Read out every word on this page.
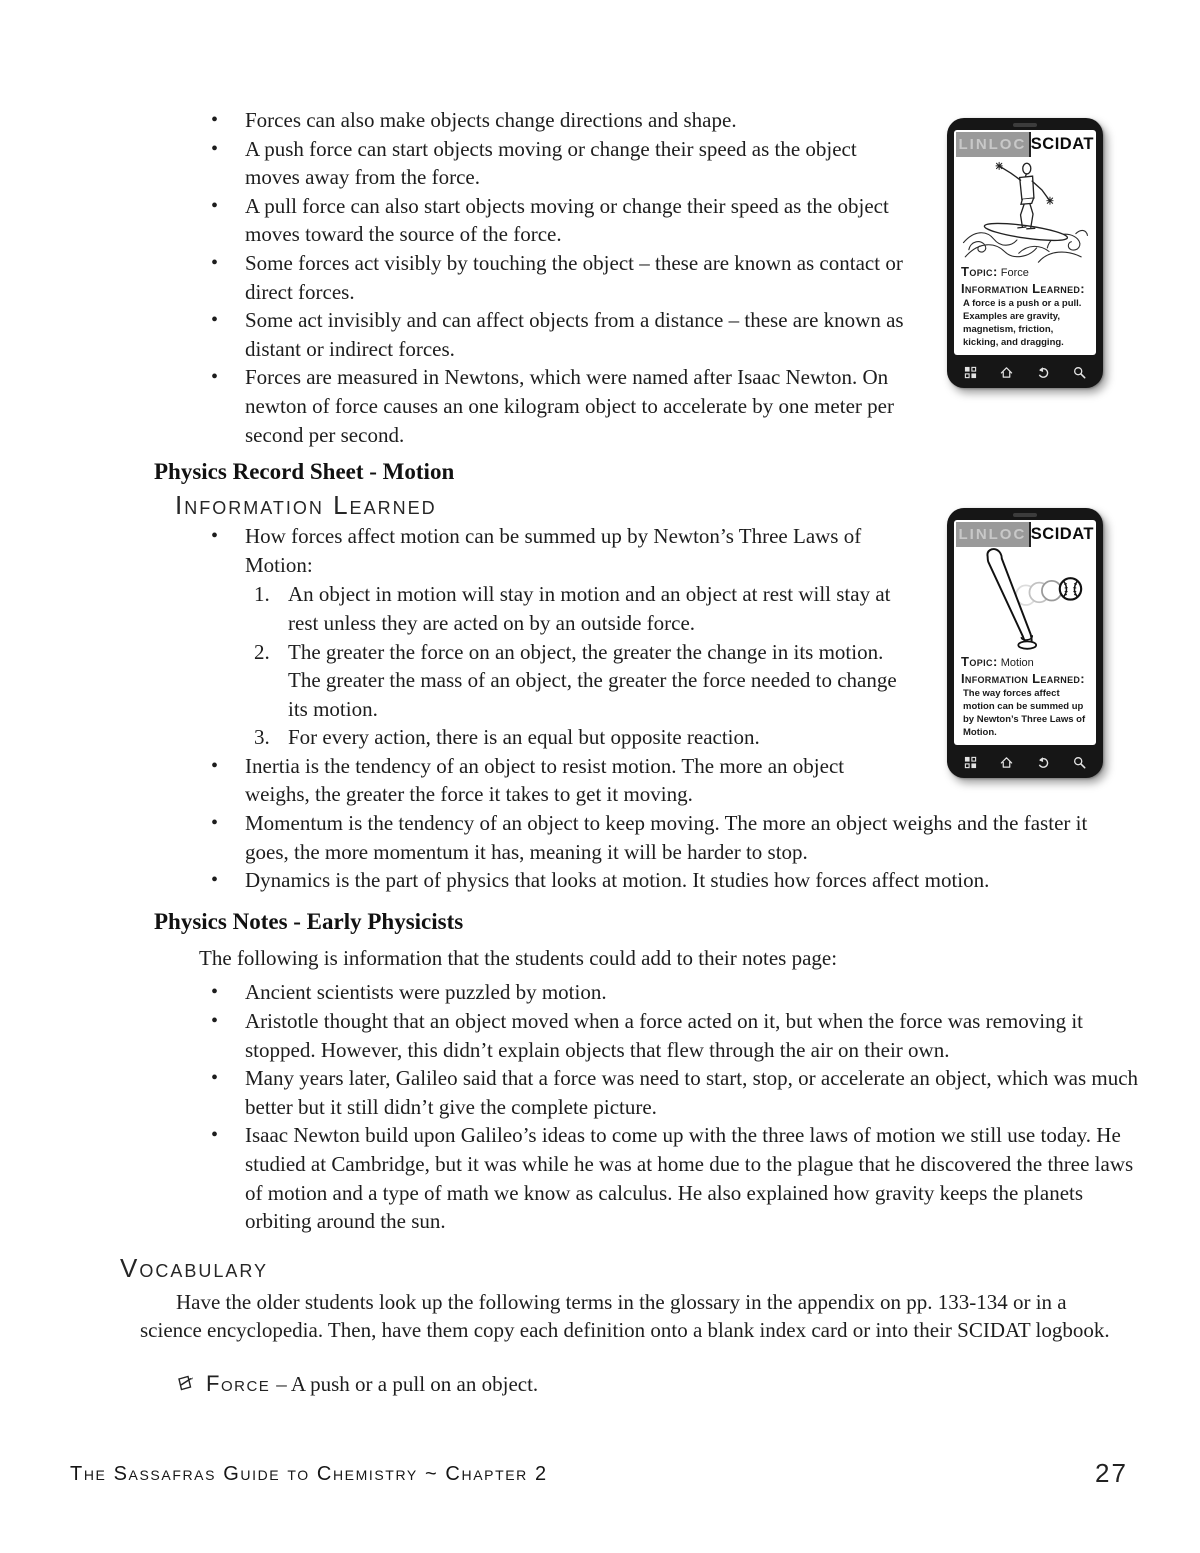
• Forces can also make objects change directions and shape.
• A push force can start objects moving or change their speed as the object moves away from the force.
• A pull force can also start objects moving or change their speed as the object moves toward the source of the force.
• Some forces act visibly by touching the object – these are known as contact or direct forces.
• Some act invisibly and can affect objects from a distance – these are known as distant or indirect forces.
• Forces are measured in Newtons, which were named after Isaac Newton. On newton of force causes an one kilogram object to accelerate by one meter per second per second.
Physics Record Sheet - Motion
Information Learned
• How forces affect motion can be summed up by Newton’s Three Laws of Motion:
An object in motion will stay in motion and an object at rest will stay at rest unless they are acted on by an outside force.
The greater the force on an object, the greater the change in its motion. The greater the mass of an object, the greater the force needed to change its motion.
For every action, there is an equal but opposite reaction.
• Inertia is the tendency of an object to resist motion. The more an object weighs, the greater the force it takes to get it moving.
• Momentum is the tendency of an object to keep moving. The more an object weighs and the faster it goes, the more momentum it has, meaning it will be harder to stop.
• Dynamics is the part of physics that looks at motion. It studies how forces affect motion.
Physics Notes - Early Physicists
The following is information that the students could add to their notes page:
• Ancient scientists were puzzled by motion.
• Aristotle thought that an object moved when a force acted on it, but when the force was removing it stopped. However, this didn’t explain objects that flew through the air on their own.
• Many years later, Galileo said that a force was need to start, stop, or accelerate an object, which was much better but it still didn’t give the complete picture.
• Isaac Newton build upon Galileo’s ideas to come up with the three laws of motion we still use today. He studied at Cambridge, but it was while he was at home due to the plague that he discovered the three laws of motion and a type of math we know as calculus. He also explained how gravity keeps the planets orbiting around the sun.
Vocabulary
Have the older students look up the following terms in the glossary in the appendix on pp. 133-134 or in a science encyclopedia. Then, have them copy each definition onto a blank index card or into their SCIDAT logbook.
Force – A push or a pull on an object.
LINLOC SCIDAT
Topic: Force
Information Learned:
A force is a push or a pull. Examples are gravity, magnetism, friction, kicking, and dragging.
LINLOC SCIDAT
Topic: Motion
Information Learned:
The way forces affect motion can be summed up by Newton’s Three Laws of Motion.
The Sassafras Guide to Chemistry ~ Chapter 2	27
